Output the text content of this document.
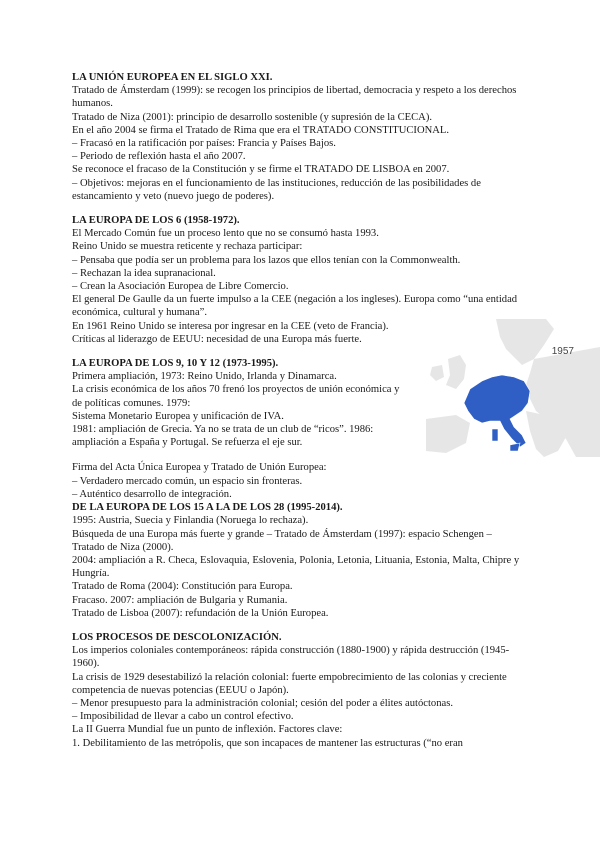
LA UNIÓN EUROPEA EN EL SIGLO XXI.
Tratado de Ámsterdam (1999): se recogen los principios de libertad, democracia y respeto a los derechos humanos.
Tratado de Niza (2001): principio de desarrollo sostenible (y supresión de la CECA).
En el año 2004 se firma el Tratado de Rima que era el TRATADO CONSTITUCIONAL.
– Fracasó en la ratificación por países: Francia y Países Bajos.
– Periodo de reflexión hasta el año 2007.
Se reconoce el fracaso de la Constitución y se firme el TRATADO DE LISBOA en 2007.
– Objetivos: mejoras en el funcionamiento de las instituciones, reducción de las posibilidades de estancamiento y veto (nuevo juego de poderes).
LA EUROPA DE LOS 6 (1958-1972).
El Mercado Común fue un proceso lento que no se consumó hasta 1993.
Reino Unido se muestra reticente y rechaza participar:
– Pensaba que podía ser un problema para los lazos que ellos tenían con la Commonwealth.
– Rechazan la idea supranacional.
– Crean la Asociación Europea de Libre Comercio.
El general De Gaulle da un fuerte impulso a la CEE (negación a los ingleses). Europa como “una entidad económica, cultural y humana”.
En 1961 Reino Unido se interesa por ingresar en la CEE (veto de Francia).
Críticas al liderazgo de EEUU: necesidad de una Europa más fuerte.
LA EUROPA DE LOS 9, 10 Y 12 (1973-1995).
Primera ampliación, 1973: Reino Unido, Irlanda y Dinamarca.
La crisis económica de los años 70 frenó los proyectos de unión económica y de políticas comunes. 1979:
Sistema Monetario Europea y unificación de IVA.
1981: ampliación de Grecia. Ya no se trata de un club de “ricos”. 1986: ampliación a España y Portugal. Se refuerza el eje sur.
Firma del Acta Única Europea y Tratado de Unión Europea:
– Verdadero mercado común, un espacio sin fronteras.
– Auténtico desarrollo de integración.
DE LA EUROPA DE LOS 15 A LA DE LOS 28 (1995-2014).
1995: Austria, Suecia y Finlandia (Noruega lo rechaza).
Búsqueda de una Europa más fuerte y grande – Tratado de Ámsterdam (1997): espacio Schengen – Tratado de Niza (2000).
2004: ampliación a R. Checa, Eslovaquia, Eslovenia, Polonia, Letonia, Lituania, Estonia, Malta, Chipre y Hungría.
Tratado de Roma (2004): Constitución para Europa.
Fracaso. 2007: ampliación de Bulgaria y Rumania.
Tratado de Lisboa (2007): refundación de la Unión Europea.
LOS PROCESOS DE DESCOLONIZACIÓN.
Los imperios coloniales contemporáneos: rápida construcción (1880-1900) y rápida destrucción (1945-1960).
La crisis de 1929 desestabilizó la relación colonial: fuerte empobrecimiento de las colonias y creciente competencia de nuevas potencias (EEUU o Japón).
– Menor presupuesto para la administración colonial; cesión del poder a élites autóctonas.
– Imposibilidad de llevar a cabo un control efectivo.
La II Guerra Mundial fue un punto de inflexión. Factores clave:
1. Debilitamiento de las metrópolis, que son incapaces de mantener las estructuras (“no eran
1957
